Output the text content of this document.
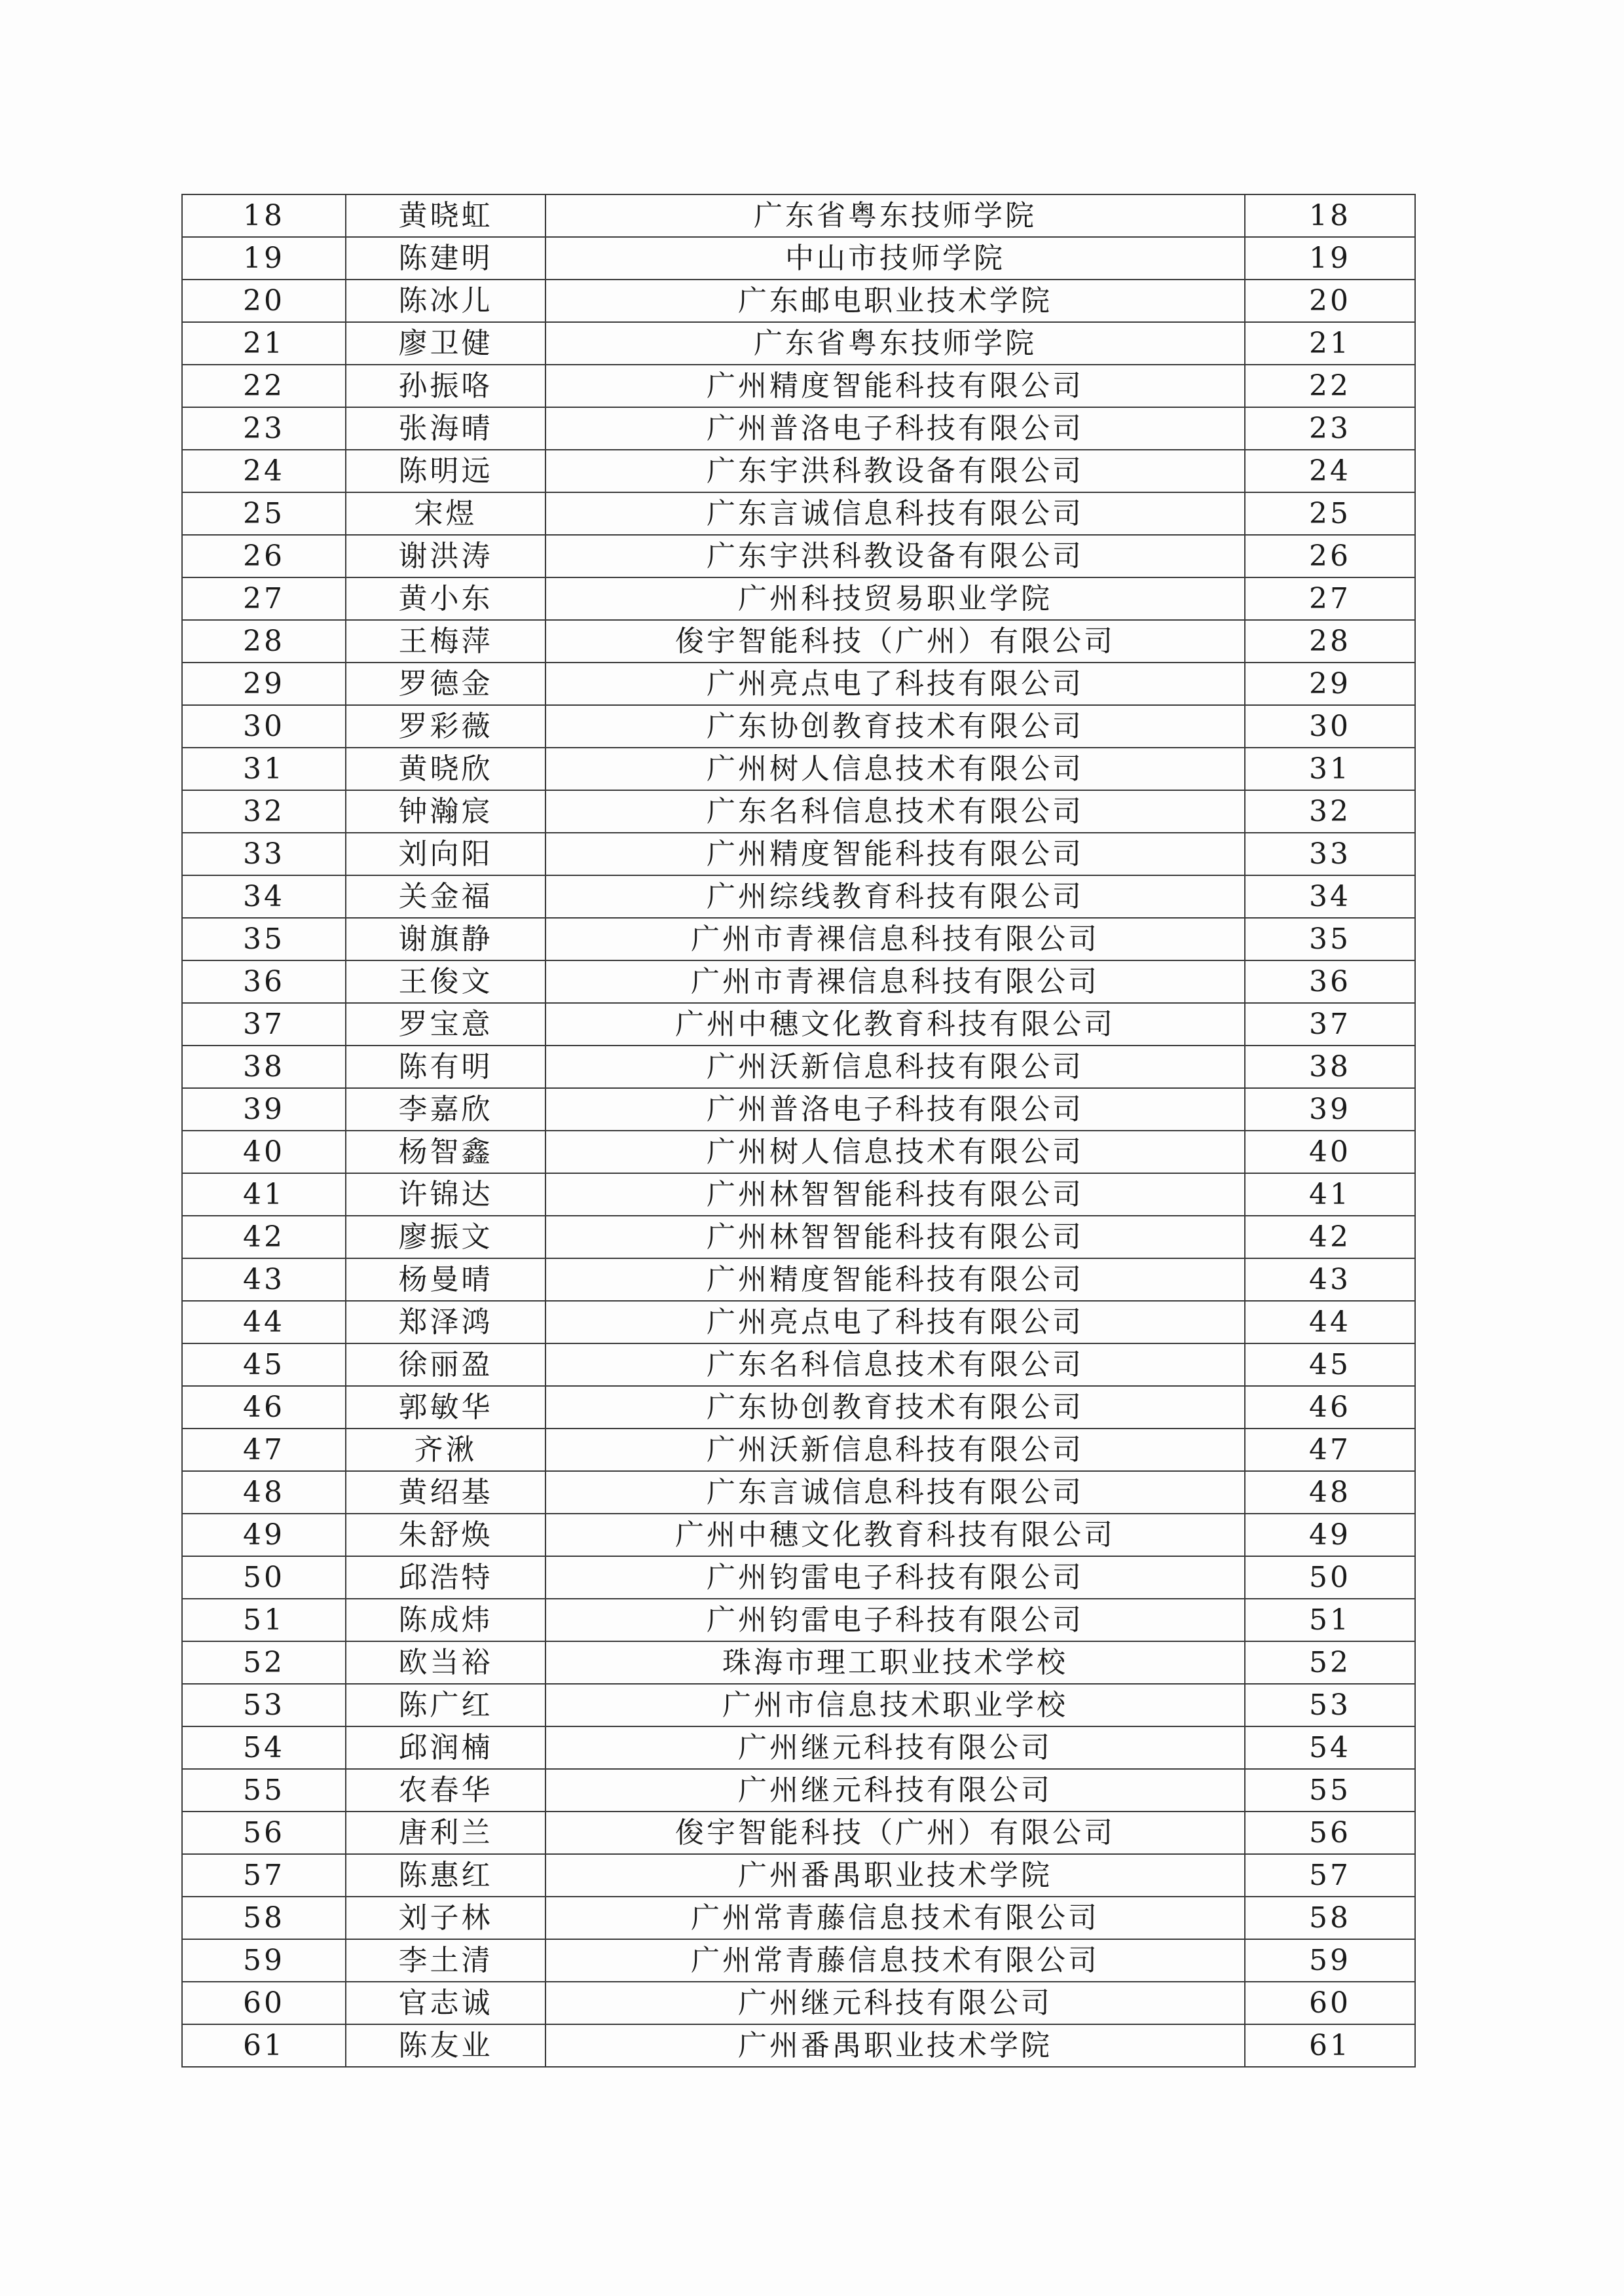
18	黄晓虹	广东省粤东技师学院	18
19	陈建明	中山市技师学院	19
20	陈冰儿	广东邮电职业技术学院	20
21	廖卫健	广东省粤东技师学院	21
22	孙振咯	广州精度智能科技有限公司	22
23	张海晴	广州普洛电子科技有限公司	23
24	陈明远	广东宇洪科教设备有限公司	24
25	宋煜	广东言诚信息科技有限公司	25
26	谢洪涛	广东宇洪科教设备有限公司	26
27	黄小东	广州科技贸易职业学院	27
28	王梅萍	俊宇智能科技（广州）有限公司	28
29	罗德金	广州亮点电了科技有限公司	29
30	罗彩薇	广东协创教育技术有限公司	30
31	黄晓欣	广州树人信息技术有限公司	31
32	钟瀚宸	广东名科信息技术有限公司	32
33	刘向阳	广州精度智能科技有限公司	33
34	关金福	广州综线教育科技有限公司	34
35	谢旗静	广州市青裸信息科技有限公司	35
36	王俊文	广州市青裸信息科技有限公司	36
37	罗宝意	广州中穗文化教育科技有限公司	37
38	陈有明	广州沃新信息科技有限公司	38
39	李嘉欣	广州普洛电子科技有限公司	39
40	杨智鑫	广州树人信息技术有限公司	40
41	许锦达	广州林智智能科技有限公司	41
42	廖振文	广州林智智能科技有限公司	42
43	杨曼晴	广州精度智能科技有限公司	43
44	郑泽鸿	广州亮点电了科技有限公司	44
45	徐丽盈	广东名科信息技术有限公司	45
46	郭敏华	广东协创教育技术有限公司	46
47	齐湫	广州沃新信息科技有限公司	47
48	黄绍基	广东言诚信息科技有限公司	48
49	朱舒焕	广州中穗文化教育科技有限公司	49
50	邱浩特	广州钧雷电子科技有限公司	50
51	陈成炜	广州钧雷电子科技有限公司	51
52	欧当裕	珠海市理工职业技术学校	52
53	陈广红	广州市信息技术职业学校	53
54	邱润楠	广州继元科技有限公司	54
55	农春华	广州继元科技有限公司	55
56	唐利兰	俊宇智能科技（广州）有限公司	56
57	陈惠红	广州番禺职业技术学院	57
58	刘子林	广州常青藤信息技术有限公司	58
59	李土清	广州常青藤信息技术有限公司	59
60	官志诚	广州继元科技有限公司	60
61	陈友业	广州番禺职业技术学院	61
